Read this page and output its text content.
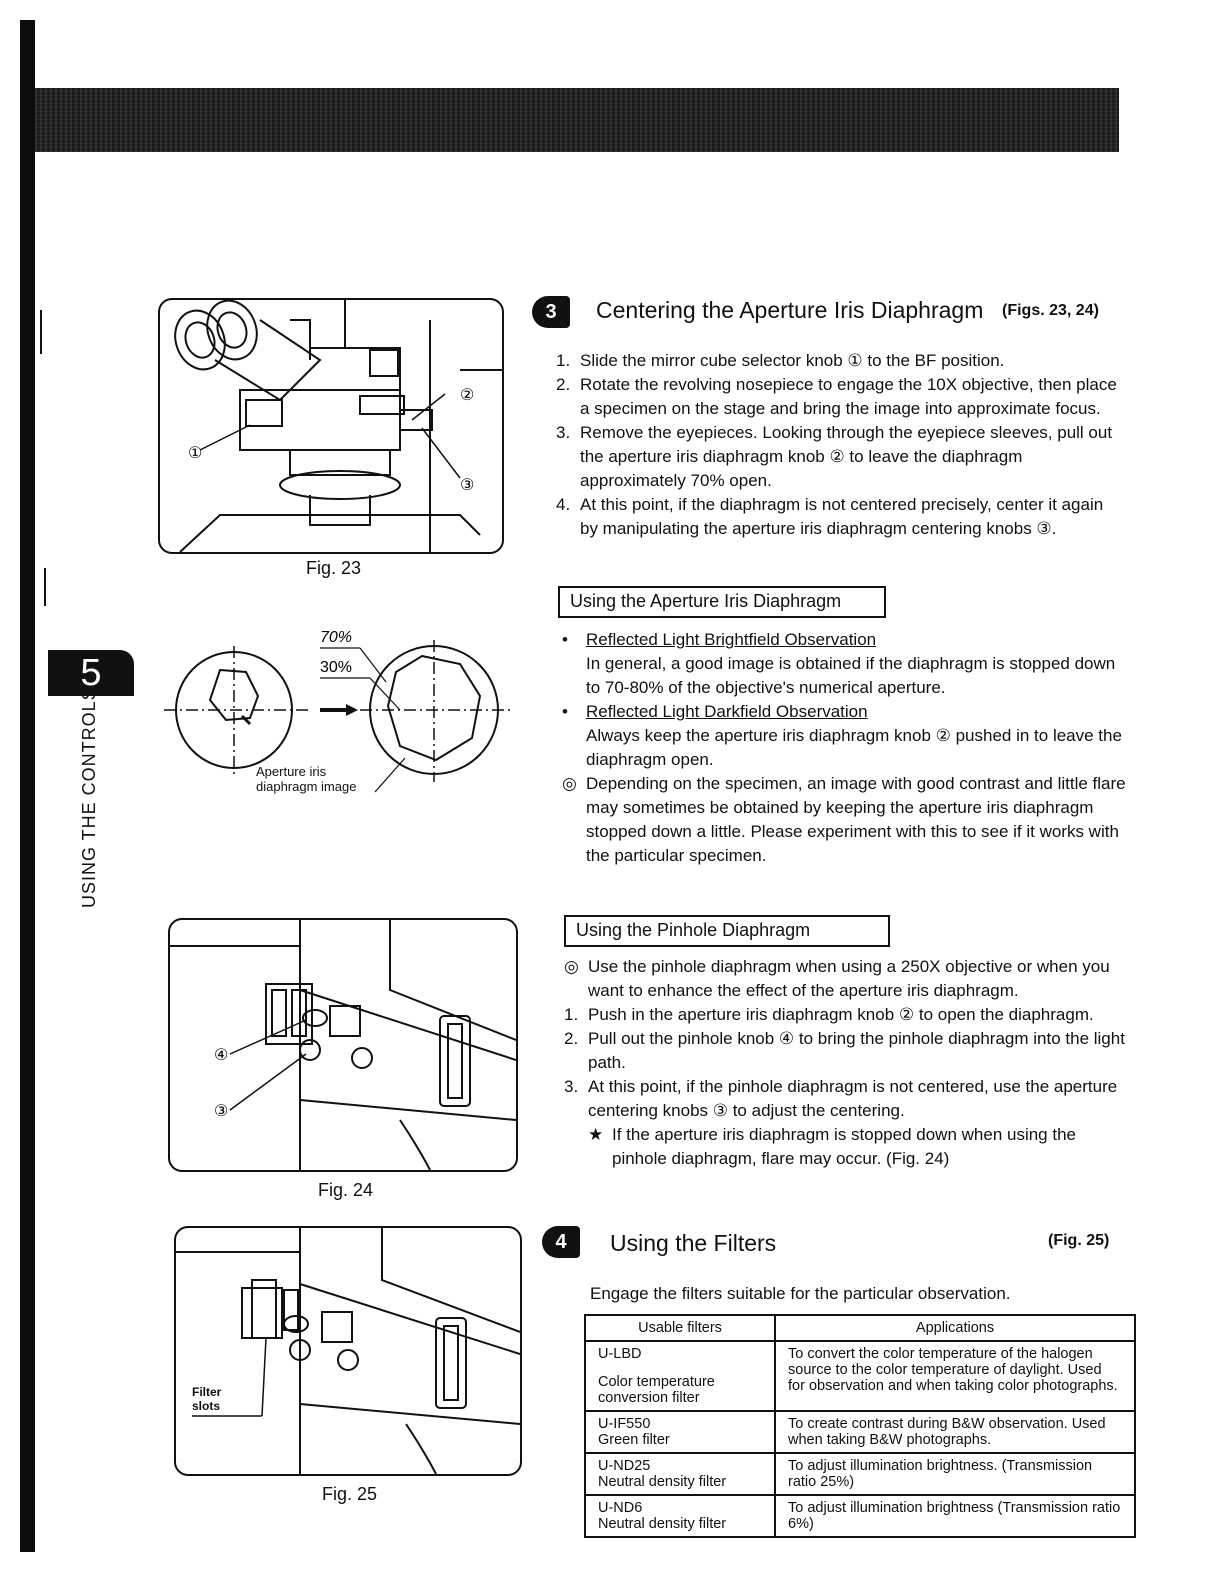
5
USING THE CONTROLS
①
②
③
Fig. 23
70%
30%
Aperture iris diaphragm image
④
③
Fig. 24
Filter slots
Fig. 25
3	Centering the Aperture Iris Diaphragm (Figs. 23, 24)
1. Slide the mirror cube selector knob ① to the BF position.

2. Rotate the revolving nosepiece to engage the 10X objective, then place a specimen on the stage and bring the image into approximate focus.

3. Remove the eyepieces. Looking through the eyepiece sleeves, pull out the aperture iris diaphragm knob ② to leave the diaphragm approximately 70% open.

4. At this point, if the diaphragm is not centered precisely, center it again by manipulating the aperture iris diaphragm centering knobs ③.

Using the Aperture Iris Diaphragm
• Reflected Light Brightfield Observation

In general, a good image is obtained if the diaphragm is stopped down to 70-80% of the objective's numerical aperture.

• Reflected Light Darkfield Observation

Always keep the aperture iris diaphragm knob ② pushed in to leave the diaphragm open.

◎ Depending on the specimen, an image with good contrast and little flare may sometimes be obtained by keeping the aperture iris diaphragm stopped down a little. Please experiment with this to see if it works with the particular specimen.

Using the Pinhole Diaphragm
◎ Use the pinhole diaphragm when using a 250X objective or when you want to enhance the effect of the aperture iris diaphragm.

1. Push in the aperture iris diaphragm knob ② to open the diaphragm.

2. Pull out the pinhole knob ④ to bring the pinhole diaphragm into the light path.

3. At this point, if the pinhole diaphragm is not centered, use the aperture centering knobs ③ to adjust the centering.

★ If the aperture iris diaphragm is stopped down when using the pinhole diaphragm, flare may occur. (Fig. 24)

4	Using the Filters	(Fig. 25)
Engage the filters suitable for the particular observation.
Usable filters	Applications

U-LBD
Color temperature conversion filter	To convert the color temperature of the halogen source to the color temperature of daylight. Used for observation and when taking color photographs.

U-IF550
Green filter	To create contrast during B&W observation. Used when taking B&W photographs.

U-ND25
Neutral density filter	To adjust illumination brightness. (Transmission ratio 25%)

U-ND6
Neutral density filter	To adjust illumination brightness (Transmission ratio 6%)
